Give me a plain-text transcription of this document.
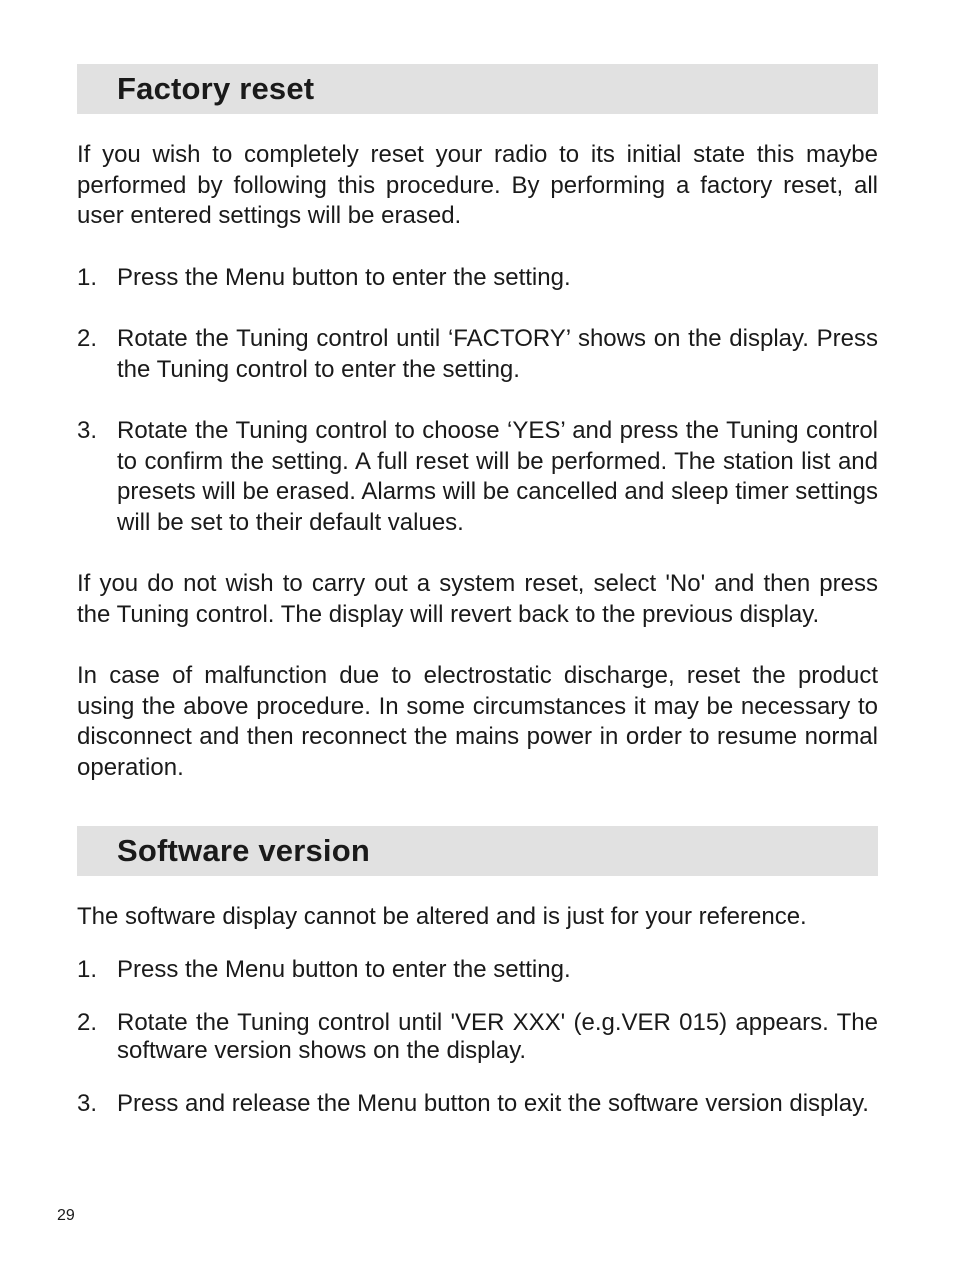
Factory reset

If you wish to completely reset your radio to its initial state this maybe performed by following this procedure. By performing a factory reset, all user entered settings will be erased.

1. Press the Menu button to enter the setting.
2. Rotate the Tuning control until ‘FACTORY’ shows on the display. Press the Tuning control to enter the setting.
3. Rotate the Tuning control to choose ‘YES’ and press the Tuning control to confirm the setting. A full reset will be performed. The station list and presets will be erased. Alarms will be cancelled and sleep timer settings will be set to their default values.

If you do not wish to carry out a system reset, select 'No' and then press the Tuning control. The display will revert back to the previous display.

In case of malfunction due to electrostatic discharge, reset the product using the above procedure. In some circumstances it may be necessary to disconnect and then reconnect the mains power in order to resume normal operation.

Software version

The software display cannot be altered and is just for your reference.

1. Press the Menu button to enter the setting.
2. Rotate the Tuning control until 'VER XXX' (e.g.VER 015) appears. The software version shows on the display.
3. Press and release the Menu button to exit the software version display.
29
